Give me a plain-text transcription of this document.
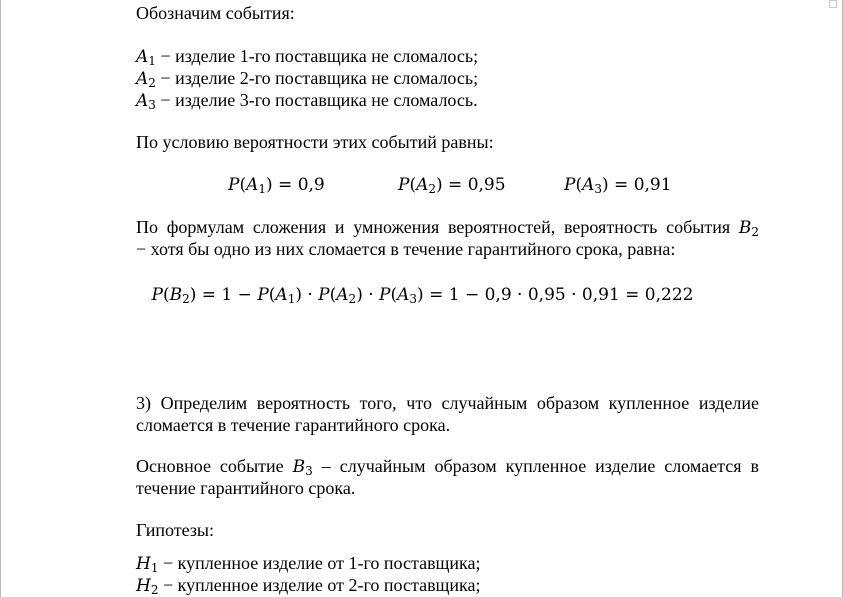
Обозначим события:
$A_1$ − изделие 1-го поставщика не сломалось;
$A_2$ − изделие 2-го поставщика не сломалось;
$A_3$ − изделие 3-го поставщика не сломалось.
По условию вероятности этих событий равны:
$P(A_1) = 0,9$	$P(A_2) = 0,95$	$P(A_3) = 0,91$
По формулам сложения и умножения вероятностей, вероятность события $B_2$
− хотя бы одно из них сломается в течение гарантийного срока, равна:
$P(B_2) = 1 - P(A_1) \cdot P(A_2) \cdot P(A_3) = 1 - 0,9 \cdot 0,95 \cdot 0,91 = 0,222$
3) Определим вероятность того, что случайным образом купленное изделие
сломается в течение гарантийного срока.
Основное событие $B_3$ – случайным образом купленное изделие сломается в
течение гарантийного срока.
Гипотезы:
$H_1$ − купленное изделие от 1-го поставщика;
$H_2$ − купленное изделие от 2-го поставщика;
